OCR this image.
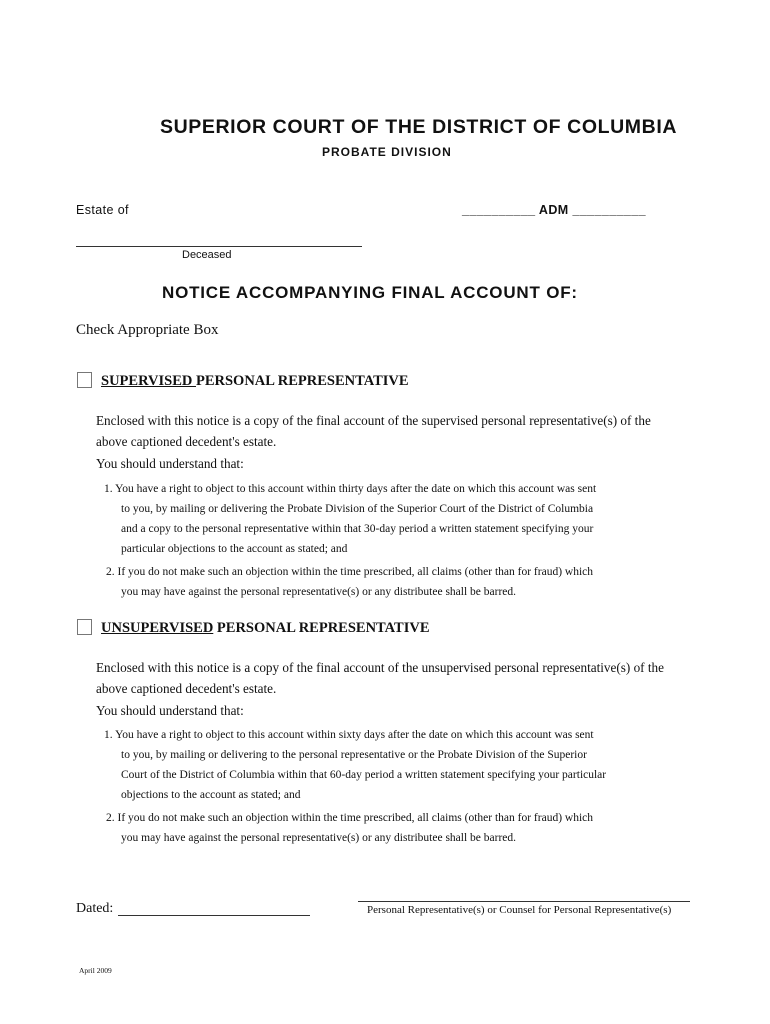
SUPERIOR COURT OF THE DISTRICT OF COLUMBIA
PROBATE DIVISION
Estate of	__________ ADM __________
Deceased
NOTICE ACCOMPANYING FINAL ACCOUNT OF:
Check Appropriate Box
SUPERVISED PERSONAL REPRESENTATIVE
Enclosed with this notice is a copy of the final account of the supervised personal representative(s) of the
above captioned decedent's estate.
You should understand that:
1. You have a right to object to this account within thirty days after the date on which this account was sent
to you, by mailing or delivering the Probate Division of the Superior Court of the District of Columbia
and a copy to the personal representative within that 30-day period a written statement specifying your
particular objections to the account as stated; and
2. If you do not make such an objection within the time prescribed, all claims (other than for fraud) which
you may have against the personal representative(s) or any distributee shall be barred.
UNSUPERVISED PERSONAL REPRESENTATIVE
Enclosed with this notice is a copy of the final account of the unsupervised personal representative(s) of the
above captioned decedent's estate.
You should understand that:
1. You have a right to object to this account within sixty days after the date on which this account was sent
to you, by mailing or delivering to the personal representative or the Probate Division of the Superior
Court of the District of Columbia within that 60-day period a written statement specifying your particular
objections to the account as stated; and
2. If you do not make such an objection within the time prescribed, all claims (other than for fraud) which
you may have against the personal representative(s) or any distributee shall be barred.
Dated:	Personal Representative(s) or Counsel for Personal Representative(s)
April 2009
